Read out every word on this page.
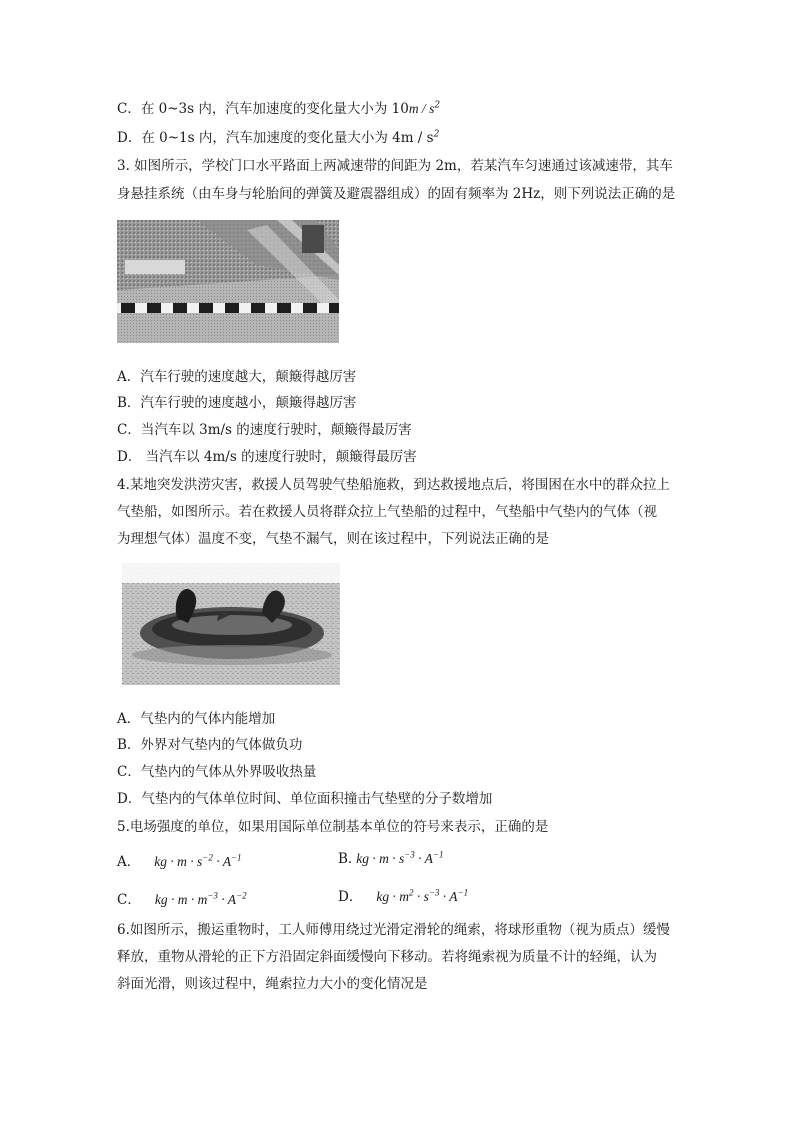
C．在 0~3s 内，汽车加速度的变化量大小为 $10m / s^2$
D．在 0~1s 内，汽车加速度的变化量大小为 $4m / s^2$
3. 如图所示，学校门口水平路面上两减速带的间距为 2m，若某汽车匀速通过该减速带，其车
身悬挂系统（由车身与轮胎间的弹簧及避震器组成）的固有频率为 2Hz，则下列说法正确的是
A．汽车行驶的速度越大，颠簸得越厉害
B．汽车行驶的速度越小，颠簸得越厉害
C．当汽车以 3m/s 的速度行驶时，颠簸得最厉害
D． 当汽车以 4m/s 的速度行驶时，颠簸得最厉害
4.某地突发洪涝灾害，救援人员驾驶气垫船施救，到达救援地点后，将围困在水中的群众拉上
气垫船，如图所示。若在救援人员将群众拉上气垫船的过程中，气垫船中气垫内的气体（视
为理想气体）温度不变，气垫不漏气，则在该过程中，下列说法正确的是
A．气垫内的气体内能增加
B．外界对气垫内的气体做负功
C．气垫内的气体从外界吸收热量
D．气垫内的气体单位时间、单位面积撞击气垫壁的分子数增加
5.电场强度的单位，如果用国际单位制基本单位的符号来表示，正确的是
A． kg · $m \cdot s^{-2} \cdot A^{-1}$	B. kg · $m \cdot s^{-3} \cdot A^{-1}$
C． kg · $m \cdot m^{-3} \cdot A^{-2}$	D． kg · $m^2 \cdot s^{-3} \cdot A^{-1}$
6.如图所示，搬运重物时，工人师傅用绕过光滑定滑轮的绳索，将球形重物（视为质点）缓慢
释放，重物从滑轮的正下方沿固定斜面缓慢向下移动。若将绳索视为质量不计的轻绳，认为
斜面光滑，则该过程中，绳索拉力大小的变化情况是
